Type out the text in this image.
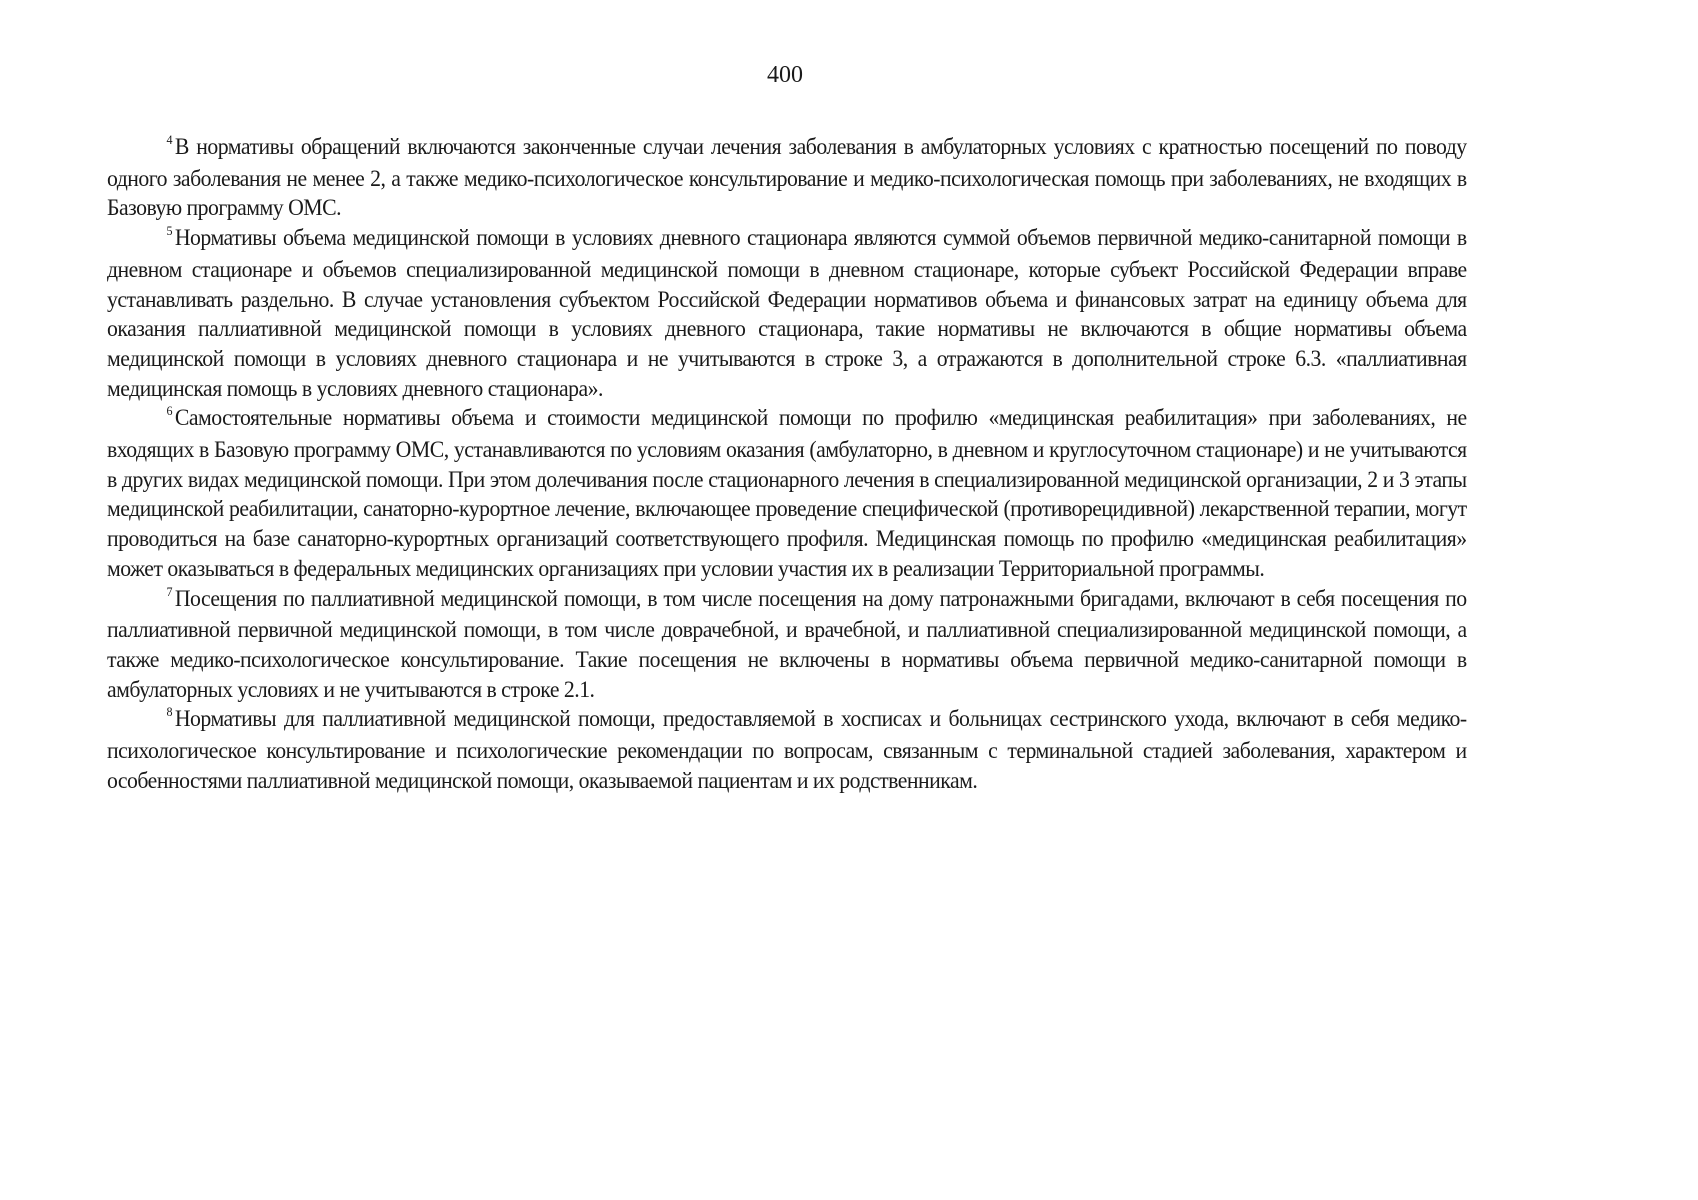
400

$^4$ В нормативы обращений включаются законченные случаи лечения заболевания в амбулаторных условиях с кратностью посещений по поводу одного заболевания не менее 2, а также медико-психологическое консультирование и медико-психологическая помощь при заболеваниях, не входящих в Базовую программу ОМС.

$^5$ Нормативы объема медицинской помощи в условиях дневного стационара являются суммой объемов первичной медико-санитарной помощи в дневном стационаре и объемов специализированной медицинской помощи в дневном стационаре, которые субъект Российской Федерации вправе устанавливать раздельно. В случае установления субъектом Российской Федерации нормативов объема и финансовых затрат на единицу объема для оказания паллиативной медицинской помощи в условиях дневного стационара, такие нормативы не включаются в общие нормативы объема медицинской помощи в условиях дневного стационара и не учитываются в строке 3, а отражаются в дополнительной строке 6.3. «паллиативная медицинская помощь в условиях дневного стационара».

$^6$ Самостоятельные нормативы объема и стоимости медицинской помощи по профилю «медицинская реабилитация» при заболеваниях, не входящих в Базовую программу ОМС, устанавливаются по условиям оказания (амбулаторно, в дневном и круглосуточном стационаре) и не учитываются в других видах медицинской помощи. При этом долечивания после стационарного лечения в специализированной медицинской организации, 2 и 3 этапы медицинской реабилитации, санаторно-курортное лечение, включающее проведение специфической (противорецидивной) лекарственной терапии, могут проводиться на базе санаторно-курортных организаций соответствующего профиля. Медицинская помощь по профилю «медицинская реабилитация» может оказываться в федеральных медицинских организациях при условии участия их в реализации Территориальной программы.

$^7$ Посещения по паллиативной медицинской помощи, в том числе посещения на дому патронажными бригадами, включают в себя посещения по паллиативной первичной медицинской помощи, в том числе доврачебной, и врачебной, и паллиативной специализированной медицинской помощи, а также медико-психологическое консультирование. Такие посещения не включены в нормативы объема первичной медико-санитарной помощи в амбулаторных условиях и не учитываются в строке 2.1.

$^8$ Нормативы для паллиативной медицинской помощи, предоставляемой в хосписах и больницах сестринского ухода, включают в себя медико-психологическое консультирование и психологические рекомендации по вопросам, связанным с терминальной стадией заболевания, характером и особенностями паллиативной медицинской помощи, оказываемой пациентам и их родственникам.
